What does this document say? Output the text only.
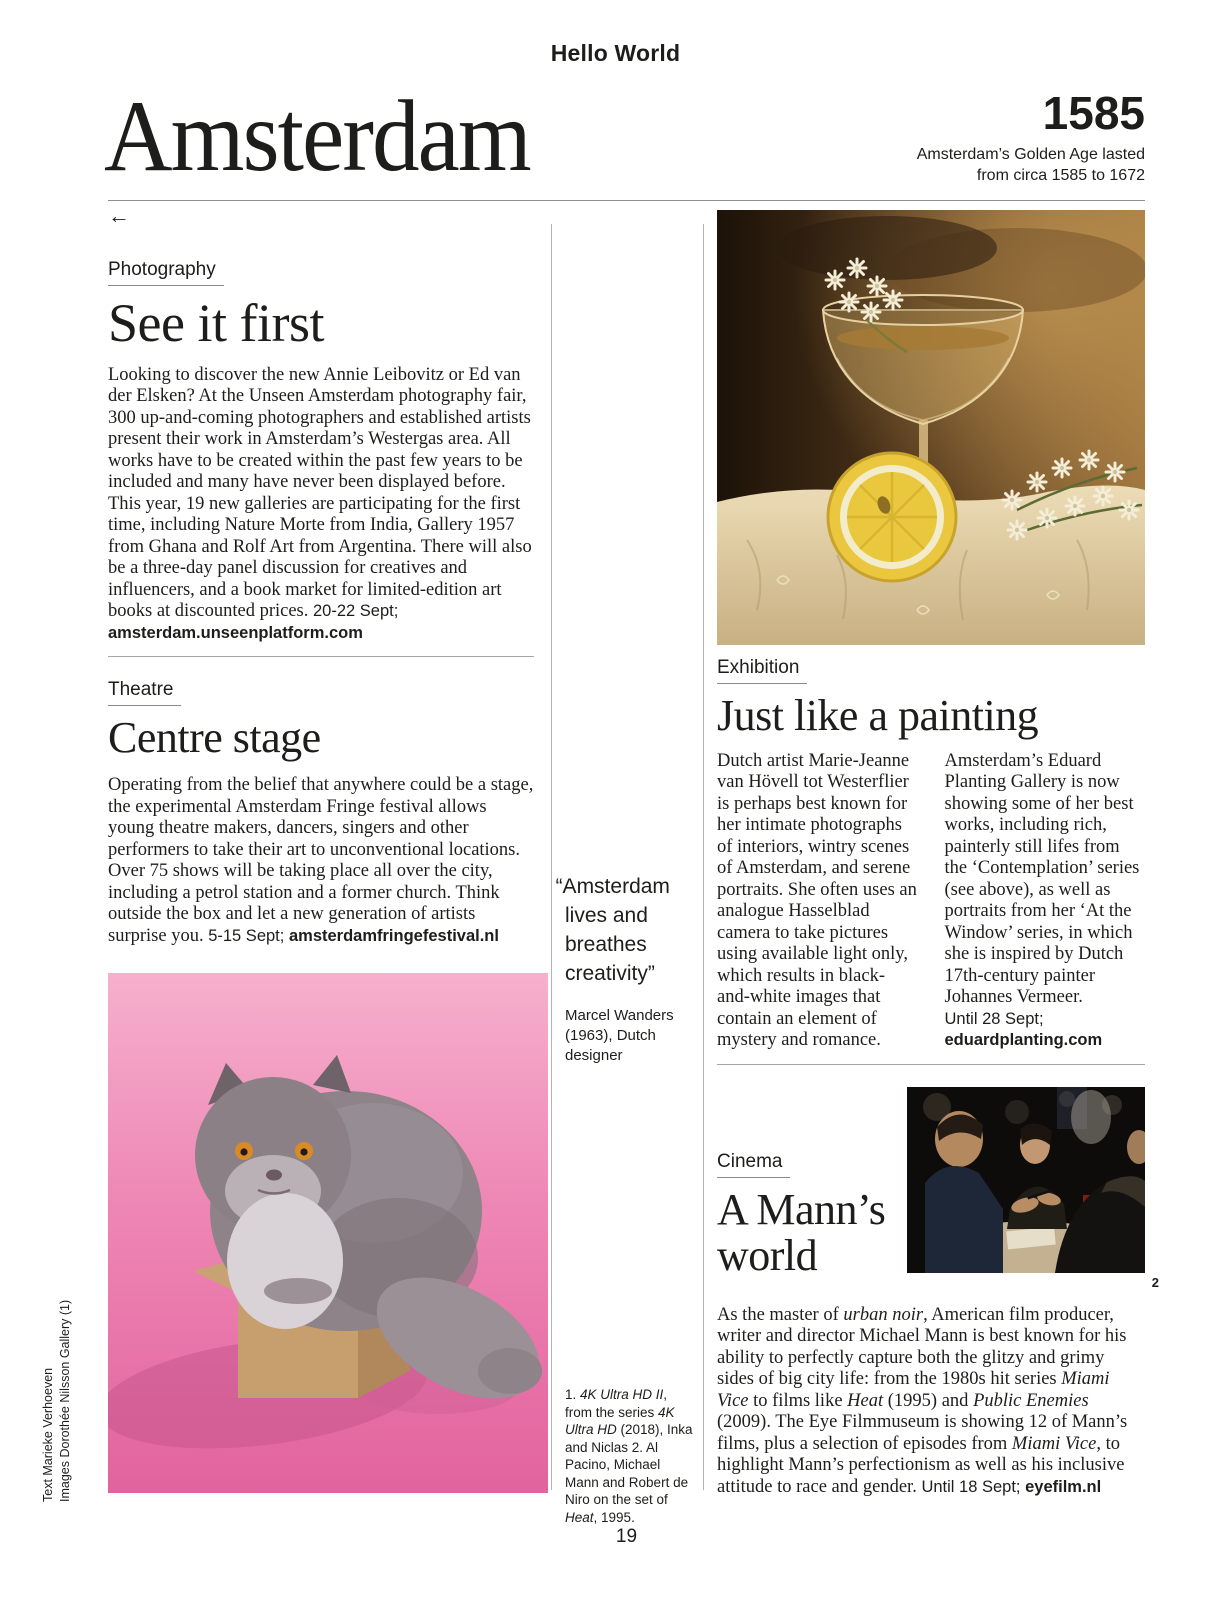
Hello World
Amsterdam	1585
Amsterdam’s Golden Age lasted
from circa 1585 to 1672
←
Photography
See it first

Looking to discover the new Annie Leibovitz or Ed van der Elsken? At the Unseen Amsterdam photography fair, 300 up-and-coming photographers and established artists present their work in Amsterdam’s Westergas area. All works have to be created within the past few years to be included and many have never been displayed before. This year, 19 new galleries are participating for the first time, including Nature Morte from India, Gallery 1957 from Ghana and Rolf Art from Argentina. There will also be a three-day panel discussion for creatives and influencers, and a book market for limited-edition art books at discounted prices. 20-22 Sept; amsterdam.unseenplatform.com

Theatre
Centre stage

Operating from the belief that anywhere could be a stage, the experimental Amsterdam Fringe festival allows young theatre makers, dancers, singers and other performers to take their art to unconventional locations. Over 75 shows will be taking place all over the city, including a petrol station and a former church. Think outside the box and let a new generation of artists surprise you. 5-15 Sept; amsterdamfringefestival.nl

“Amsterdam lives and breathes creativity”

Marcel Wanders (1963), Dutch designer
1. 4K Ultra HD II, from the series 4K Ultra HD (2018), Inka and Niclas 2. Al Pacino, Michael Mann and Robert de Niro on the set of Heat, 1995.
Exhibition
Just like a painting

Dutch artist Marie-Jeanne van Hövell tot Westerflier is perhaps best known for her intimate photographs of interiors, wintry scenes of Amsterdam, and serene portraits. She often uses an analogue Hasselblad camera to take pictures using available light only, which results in black- and-white images that contain an element of mystery and romance.

Amsterdam’s Eduard Planting Gallery is now showing some of her best works, including rich, painterly still lifes from the ‘Contemplation’ series (see above), as well as portraits from her ‘At the Window’ series, in which she is inspired by Dutch 17th-century painter Johannes Vermeer.
Until 28 Sept;
eduardplanting.com

2
Cinema
A Mann’s world

As the master of urban noir, American film producer, writer and director Michael Mann is best known for his ability to perfectly capture both the glitzy and grimy sides of big city life: from the 1980s hit series Miami Vice to films like Heat (1995) and Public Enemies (2009). The Eye Filmmuseum is showing 12 of Mann’s films, plus a selection of episodes from Miami Vice, to highlight Mann’s perfectionism as well as his inclusive attitude to race and gender. Until 18 Sept; eyefilm.nl

Text Marieke Verhoeven Images Dorothée Nilsson Gallery (1)
19
